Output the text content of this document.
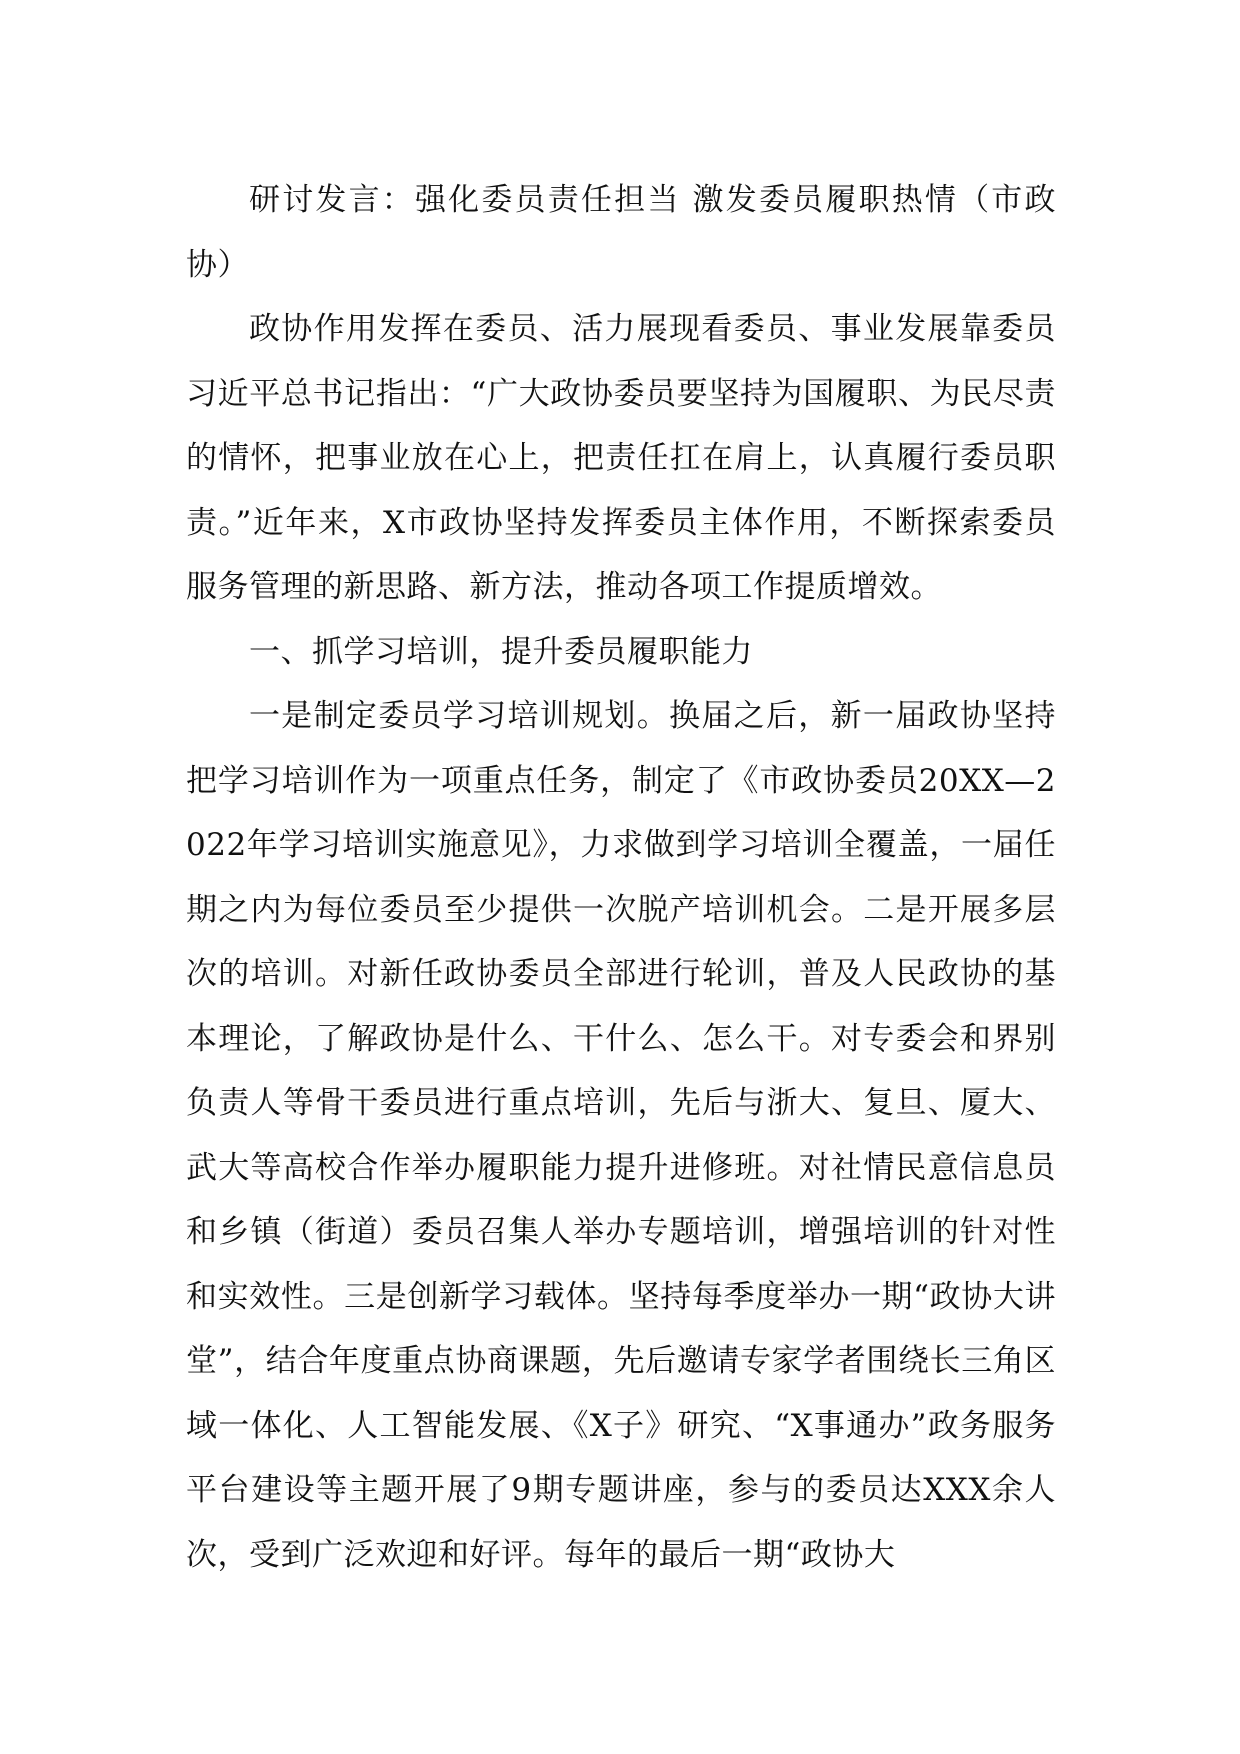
研讨发言：强化委员责任担当 激发委员履职热情（市政协）

政协作用发挥在委员、活力展现看委员、事业发展靠委员习近平总书记指出：“广大政协委员要坚持为国履职、为民尽责的情怀，把事业放在心上，把责任扛在肩上，认真履行委员职责。”近年来，X市政协坚持发挥委员主体作用，不断探索委员服务管理的新思路、新方法，推动各项工作提质增效。

一、抓学习培训，提升委员履职能力

一是制定委员学习培训规划。换届之后，新一届政协坚持把学习培训作为一项重点任务，制定了《市政协委员20XX—2022年学习培训实施意见》，力求做到学习培训全覆盖，一届任期之内为每位委员至少提供一次脱产培训机会。二是开展多层次的培训。对新任政协委员全部进行轮训，普及人民政协的基本理论，了解政协是什么、干什么、怎么干。对专委会和界别负责人等骨干委员进行重点培训，先后与浙大、复旦、厦大、武大等高校合作举办履职能力提升进修班。对社情民意信息员和乡镇（街道）委员召集人举办专题培训，增强培训的针对性和实效性。三是创新学习载体。坚持每季度举办一期“政协大讲堂”，结合年度重点协商课题，先后邀请专家学者围绕长三角区域一体化、人工智能发展、《X子》研究、“X事通办”政务服务平台建设等主题开展了9期专题讲座，参与的委员达XXX余人次，受到广泛欢迎和好评。每年的最后一期“政协大
